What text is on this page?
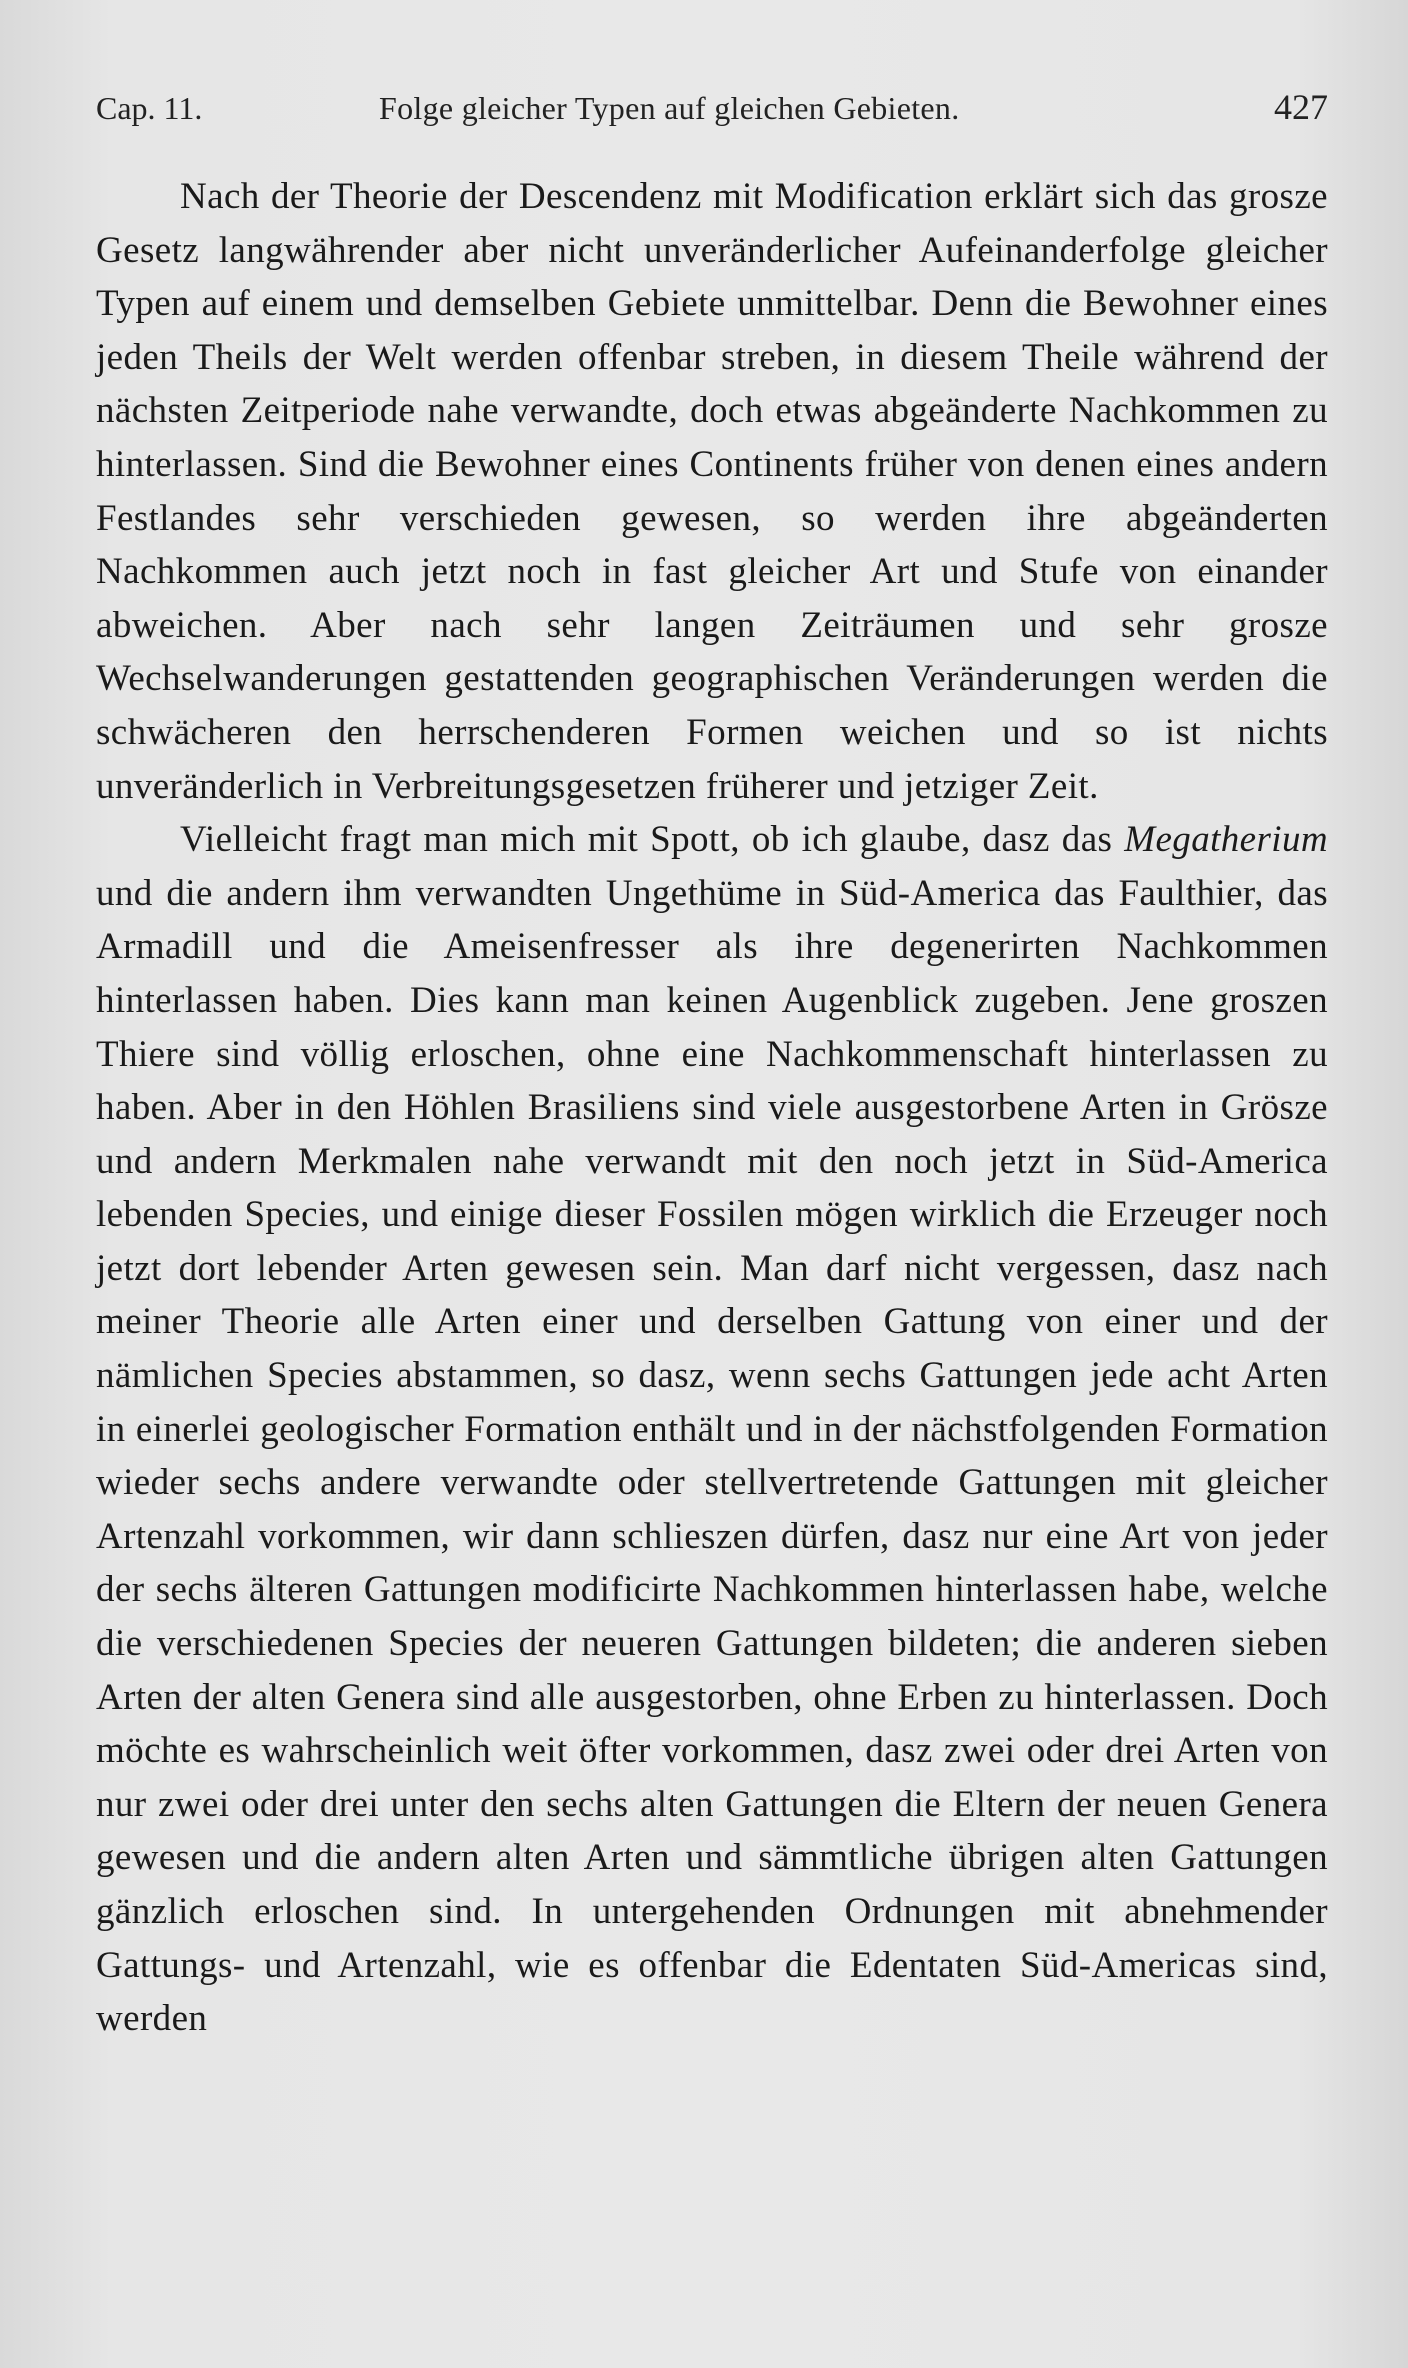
Cap. 11.	Folge gleicher Typen auf gleichen Gebieten.	427

Nach der Theorie der Descendenz mit Modification erklärt sich das grosze Gesetz langwährender aber nicht unveränderlicher Aufeinanderfolge gleicher Typen auf einem und demselben Gebiete unmittelbar. Denn die Bewohner eines jeden Theils der Welt werden offenbar streben, in diesem Theile während der nächsten Zeitperiode nahe verwandte, doch etwas abgeänderte Nachkommen zu hinterlassen. Sind die Bewohner eines Continents früher von denen eines andern Festlandes sehr verschieden gewesen, so werden ihre abgeänderten Nachkommen auch jetzt noch in fast gleicher Art und Stufe von einander abweichen. Aber nach sehr langen Zeiträumen und sehr grosze Wechselwanderungen gestattenden geographischen Veränderungen werden die schwächeren den herrschenderen Formen weichen und so ist nichts unveränderlich in Verbreitungsgesetzen früherer und jetziger Zeit.

Vielleicht fragt man mich mit Spott, ob ich glaube, dasz das Megatherium und die andern ihm verwandten Ungethüme in Süd-America das Faulthier, das Armadill und die Ameisenfresser als ihre degenerirten Nachkommen hinterlassen haben. Dies kann man keinen Augenblick zugeben. Jene groszen Thiere sind völlig erloschen, ohne eine Nachkommenschaft hinterlassen zu haben. Aber in den Höhlen Brasiliens sind viele ausgestorbene Arten in Grösze und andern Merkmalen nahe verwandt mit den noch jetzt in Süd-America lebenden Species, und einige dieser Fossilen mögen wirklich die Erzeuger noch jetzt dort lebender Arten gewesen sein. Man darf nicht vergessen, dasz nach meiner Theorie alle Arten einer und derselben Gattung von einer und der nämlichen Species abstammen, so dasz, wenn sechs Gattungen jede acht Arten in einerlei geologischer Formation enthält und in der nächstfolgenden Formation wieder sechs andere verwandte oder stellvertretende Gattungen mit gleicher Artenzahl vorkommen, wir dann schlieszen dürfen, dasz nur eine Art von jeder der sechs älteren Gattungen modificirte Nachkommen hinterlassen habe, welche die verschiedenen Species der neueren Gattungen bildeten; die anderen sieben Arten der alten Genera sind alle ausgestorben, ohne Erben zu hinterlassen. Doch möchte es wahrscheinlich weit öfter vorkommen, dasz zwei oder drei Arten von nur zwei oder drei unter den sechs alten Gattungen die Eltern der neuen Genera gewesen und die andern alten Arten und sämmtliche übrigen alten Gattungen gänzlich erloschen sind. In untergehenden Ordnungen mit abnehmender Gattungs- und Artenzahl, wie es offenbar die Edentaten Süd-Americas sind, werden
